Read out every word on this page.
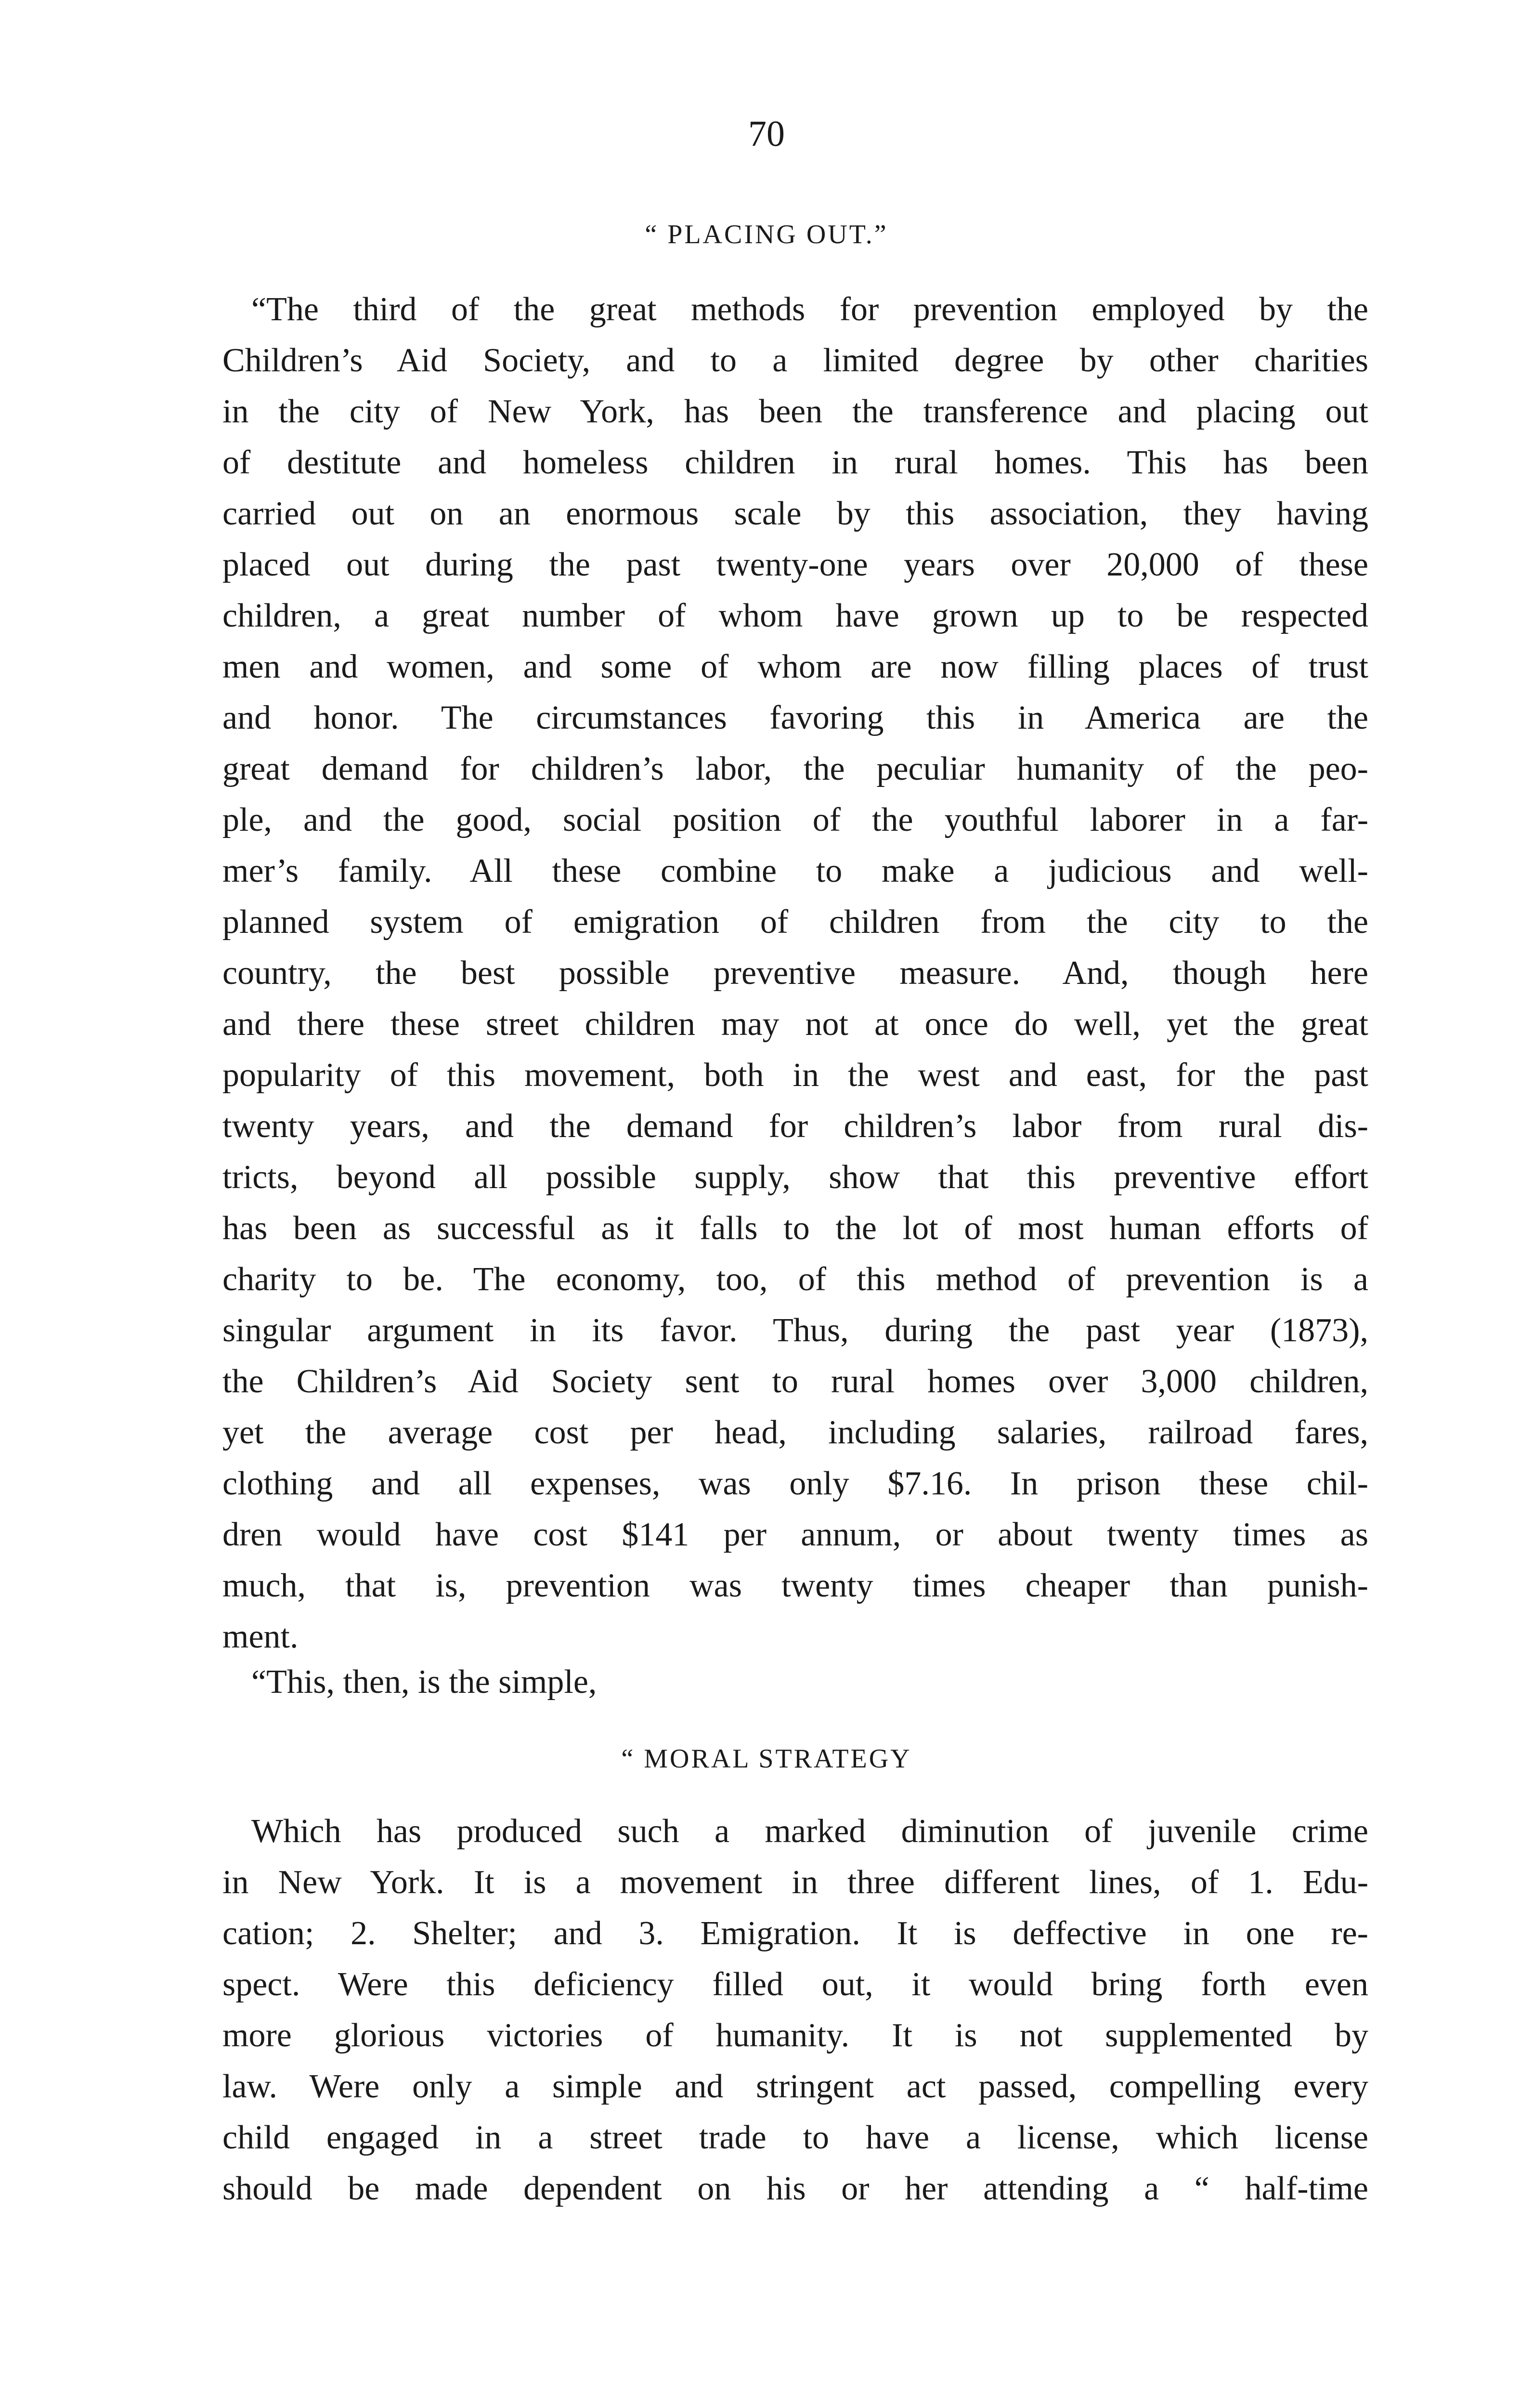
70
“ PLACING OUT.”
“The third of the great methods for prevention employed by the
Children’s Aid Society, and to a limited degree by other charities
in the city of New York, has been the transference and placing out
of destitute and homeless children in rural homes. This has been
carried out on an enormous scale by this association, they having
placed out during the past twenty-one years over 20,000 of these
children, a great number of whom have grown up to be respected
men and women, and some of whom are now filling places of trust
and honor. The circumstances favoring this in America are the
great demand for children’s labor, the peculiar humanity of the peo-
ple, and the good, social position of the youthful laborer in a far-
mer’s family. All these combine to make a judicious and well-
planned system of emigration of children from the city to the
country, the best possible preventive measure. And, though here
and there these street children may not at once do well, yet the great
popularity of this movement, both in the west and east, for the past
twenty years, and the demand for children’s labor from rural dis-
tricts, beyond all possible supply, show that this preventive effort
has been as successful as it falls to the lot of most human efforts of
charity to be. The economy, too, of this method of prevention is a
singular argument in its favor. Thus, during the past year (1873),
the Children’s Aid Society sent to rural homes over 3,000 children,
yet the average cost per head, including salaries, railroad fares,
clothing and all expenses, was only $7.16. In prison these chil-
dren would have cost $141 per annum, or about twenty times as
much, that is, prevention was twenty times cheaper than punish-
ment.
“This, then, is the simple,
“ MORAL STRATEGY
Which has produced such a marked diminution of juvenile crime
in New York. It is a movement in three different lines, of 1. Edu-
cation; 2. Shelter; and 3. Emigration. It is deffective in one re-
spect. Were this deficiency filled out, it would bring forth even
more glorious victories of humanity. It is not supplemented by
law. Were only a simple and stringent act passed, compelling every
child engaged in a street trade to have a license, which license
should be made dependent on his or her attending a “ half-time
